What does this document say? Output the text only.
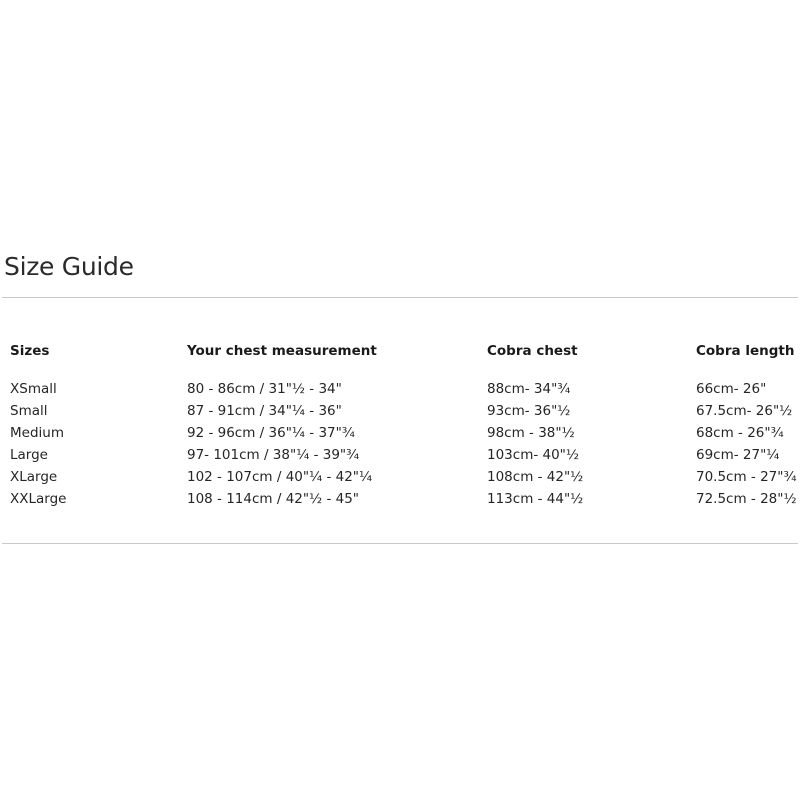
Size Guide
Sizes	Your chest measurement	Cobra chest	Cobra length
XSmall	80 - 86cm / 31"½ - 34"	88cm- 34"¾	66cm- 26"
Small	87 - 91cm / 34"¼ - 36"	93cm- 36"½	67.5cm- 26"½
Medium	92 - 96cm / 36"¼ - 37"¾	98cm - 38"½	68cm - 26"¾
Large	97- 101cm / 38"¼ - 39"¾	103cm- 40"½	69cm- 27"¼
XLarge	102 - 107cm / 40"¼ - 42"¼	108cm - 42"½	70.5cm - 27"¾
XXLarge	108 - 114cm / 42"½ - 45"	113cm - 44"½	72.5cm - 28"½
